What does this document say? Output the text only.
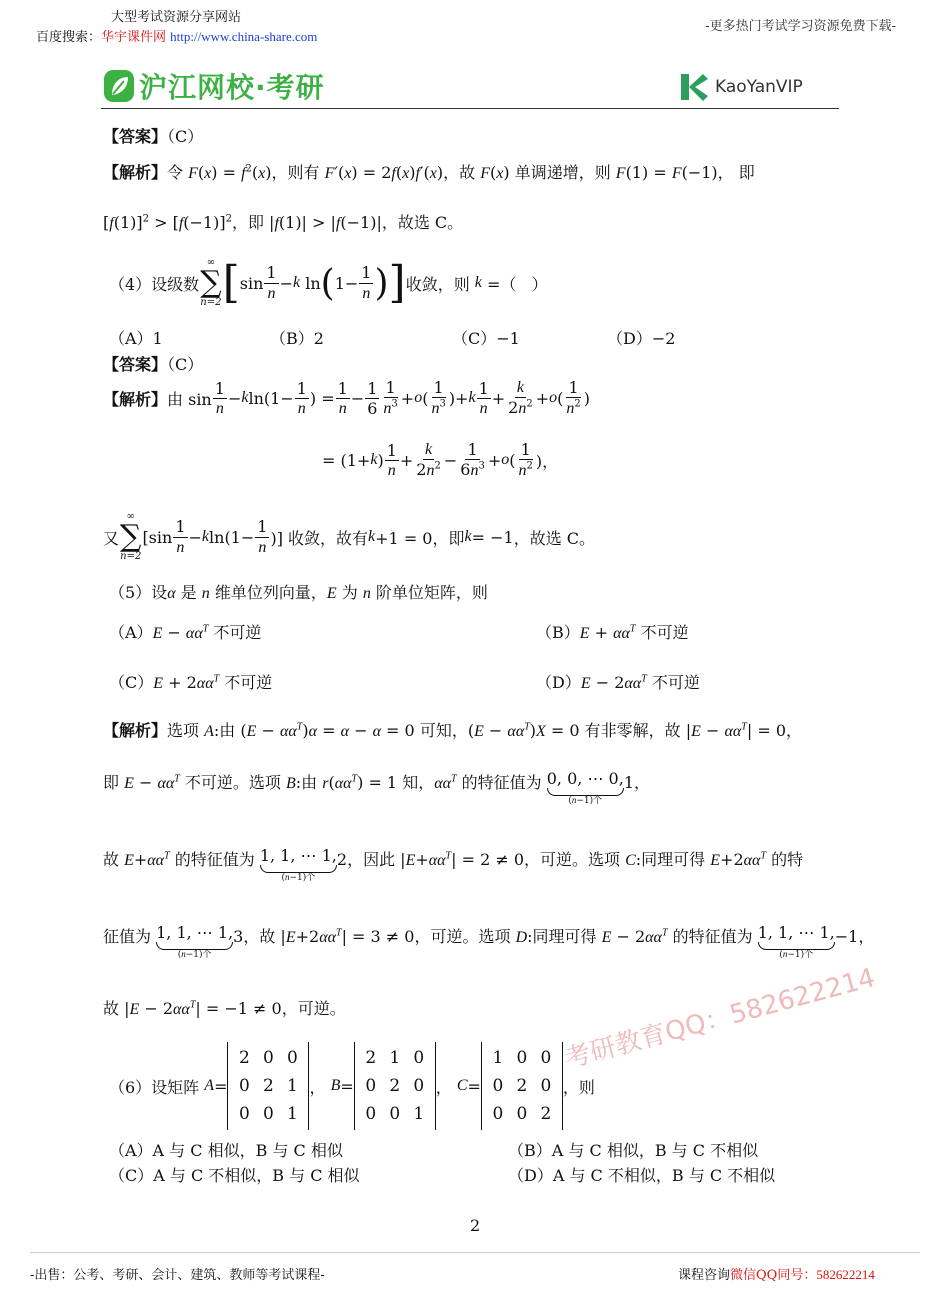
大型考试资源分享网站
百度搜索：华宇课件网 http://www.china-share.com
-更多热门考试学习资源免费下载-
沪江网校·考研	KaoYanVIP
【答案】（C）
【解析】令 $F(x) = f^2(x)$，则有 F′(x) = 2f(x)f′(x)，故 F(x) 单调递增，则 F(1) = F(−1)， 即
$[f(1)]^2 > [f(-1)]^2$，即 |f(1)| > |f(−1)|，故选 C。
（4）设级数
∞
∑
n=2 [ sin
1
n
− k ln ( 1−
1
n ) ] 收敛，则
k =（   ）
（A）1	（B）2	（C）−1	（D）−2
【答案】（C）
【解析】 由 sin
1
n
− k ln(1−
1
n
) =
1
n
−
1
6
1
$n^3 + o$ (
1
$n^3$ )+ k
1
n
+
k
$2n^2 + o$ (
1
$n^2$ )
= (1+ k )
1
n
+
k
$2n^2$ −
1
$6n^3 + o$ (
1
$n^2$ )，
又
∞
∑
n=2
[sin
1
n
− k ln(1−
1
n )] 收敛，故有 k +1 = 0，即 k = −1 ，故选 C。
（5）设α 是 n 维单位列向量，E 为 n 阶单位矩阵，则
$(A)E - \alpha\alpha^T$ 不可逆	$(B)E + \alpha\alpha^T$ 不可逆
$(C)E + 2\alpha\alpha^T$ 不可逆	$(D)E - 2\alpha\alpha^T$ 不可逆
【解析】选项 A:由 $(E - \alpha\alpha^T)\alpha = \alpha - \alpha = 0$ 可知，$(E - \alpha\alpha^T)X = 0$ 有非零解，故 $|E - \alpha\alpha^T| = 0$，
即 $E - \alpha\alpha^T$ 不可逆。选项 B:由 $r(\alpha\alpha^T) = 1$ 知，$\alpha\alpha^T$ 的特征值为 0, 0, ⋯ 0,
(n−1)个
1，
故 $E+\alpha\alpha^T$ 的特征值为 1, 1, ⋯ 1,
(n−1)个
2，因此 $|E+\alpha\alpha^T| = 2 \ne 0$，可逆。选项 C:同理可得 $E+2\alpha\alpha^T$ 的特
征值为 1, 1, ⋯ 1,
(n−1)个
3，故 $|E+2\alpha\alpha^T| = 3 \ne 0$，可逆。选项 D:同理可得 $E - 2\alpha\alpha^T$ 的特征值为 1, 1, ⋯ 1,
(n−1)个
−1，
故 $|E - 2\alpha\alpha^T| = -1 \ne 0$，可逆。
（6）设矩阵
A =
2	0	0
0	2	1
0	0	1
， B =
2	1	0
0	2	0
0	0	1
， C =
1	0	0
0	2	0
0	0	2
，则
（A）A 与 C 相似，B 与 C 相似	（B）A 与 C 相似，B 与 C 不相似
（C）A 与 C 不相似，B 与 C 相似	（D）A 与 C 不相似，B 与 C 不相似
考研教育QQ：582622214
2
-出售：公考、考研、会计、建筑、教师等考试课程-	课程咨询微信QQ同号：582622214
